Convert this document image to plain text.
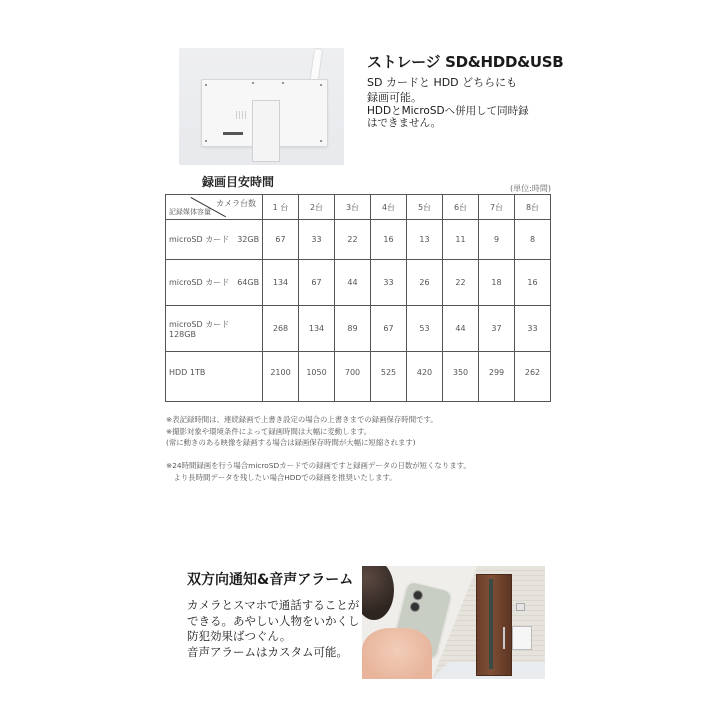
ストレージ SD&HDD&USB
SD カードと HDD どちらにも
録画可能。
HDDとMicroSDへ併用して同時録
はできません。
録画目安時間	(単位:時間)
カメラ台数
記録媒体容量	1 台	2台	3台	4台	5台	6台	7台	8台
microSD カード　32GB	67	33	22	16	13	11	9	8
microSD カード　64GB	134	67	44	33	26	22	18	16
microSD カード　128GB	268	134	89	67	53	44	37	33
HDD 1TB	2100	1050	700	525	420	350	299	262

※表記録時間は、連続録画で上書き設定の場合の上書きまでの録画保存時間です。

※撮影対象や環境条件によって録画時間は大幅に変動します。

(常に動きのある映像を録画する場合は録画保存時間が大幅に短縮されます)

※24時間録画を行う場合microSDカードでの録画ですと録画データの日数が短くなります。

　より長時間データを残したい場合HDDでの録画を推奨いたします。

双方向通知&音声アラーム
カメラとスマホで通話することが
できる。あやしい人物をいかくし
防犯効果ばつぐん。
音声アラームはカスタム可能。
